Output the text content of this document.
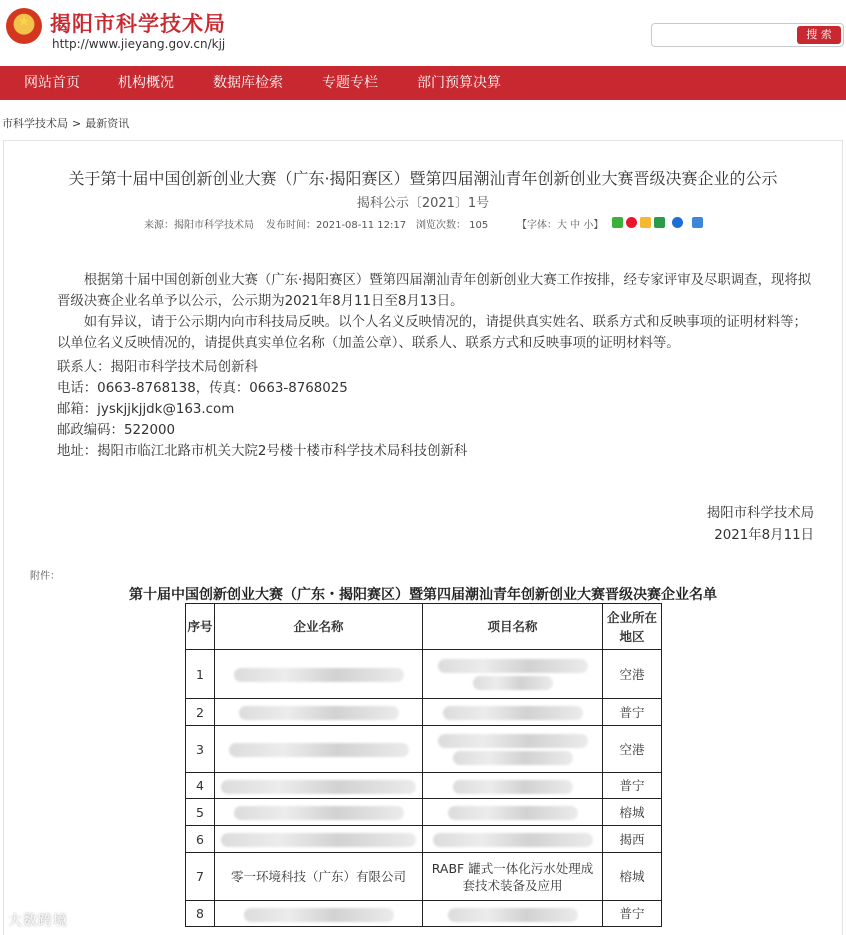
★
揭阳市科学技术局
http://www.jieyang.gov.cn/kjj
搜 索
网站首页	机构概况	数据库检索	专题专栏	部门预算决算
市科学技术局 > 最新资讯
关于第十届中国创新创业大赛（广东·揭阳赛区）暨第四届潮汕青年创新创业大赛晋级决赛企业的公示
揭科公示〔2021〕1号
来源：揭阳市科学技术局 发布时间：2021-08-11 12:17 浏览次数： 105	【字体：大 中 小】
　　根据第十届中国创新创业大赛（广东·揭阳赛区）暨第四届潮汕青年创新创业大赛工作按排，经专家评审及尽职调查，现将拟晋级决赛企业名单予以公示，公示期为2021年8月11日至8月13日。
　　如有异议，请于公示期内向市科技局反映。以个人名义反映情况的，请提供真实姓名、联系方式和反映事项的证明材料等；以单位名义反映情况的，请提供真实单位名称（加盖公章）、联系人、联系方式和反映事项的证明材料等。
联系人：揭阳市科学技术局创新科
电话：0663-8768138，传真：0663-8768025
邮箱：jyskjjkjjdk@163.com
邮政编码：522000
地址：揭阳市临江北路市机关大院2号楼十楼市科学技术局科技创新科
揭阳市科学技术局
2021年8月11日
附件：
第十届中国创新创业大赛（广东・揭阳赛区）暨第四届潮汕青年创新创业大赛晋级决赛企业名单
序号	企业名称	项目名称	企业所在地区
1			空港
2			普宁
3			空港
4			普宁
5			榕城
6			揭西
7	零一环境科技（广东）有限公司	RABF 罐式一体化污水处理成套技术装备及应用	榕城
8			普宁
大数跨境
